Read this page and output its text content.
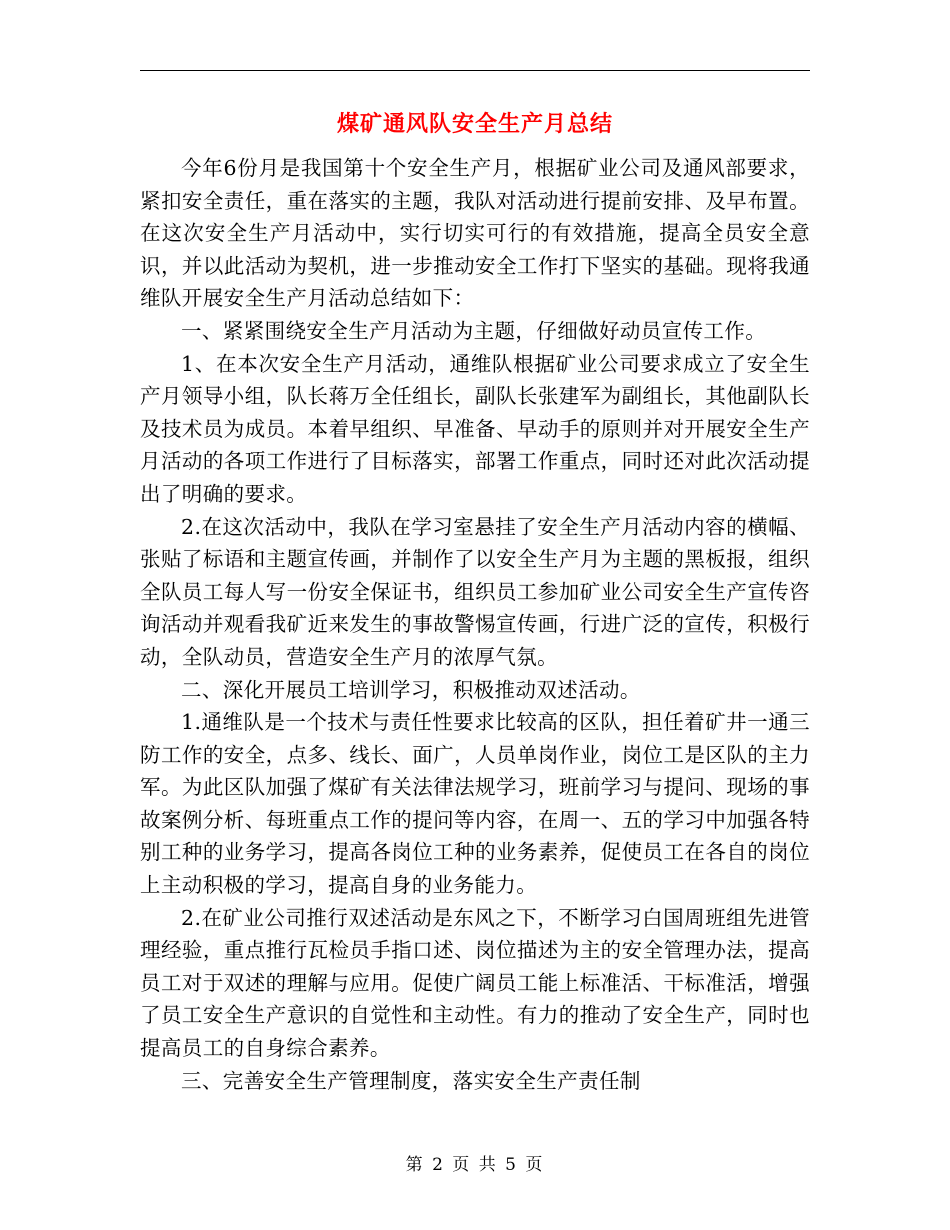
煤矿通风队安全生产月总结

今年6份月是我国第十个安全生产月，根据矿业公司及通风部要求，紧扣安全责任，重在落实的主题，我队对活动进行提前安排、及早布置。在这次安全生产月活动中，实行切实可行的有效措施，提高全员安全意识，并以此活动为契机，进一步推动安全工作打下坚实的基础。现将我通维队开展安全生产月活动总结如下：

一、紧紧围绕安全生产月活动为主题，仔细做好动员宣传工作。

1、在本次安全生产月活动，通维队根据矿业公司要求成立了安全生产月领导小组，队长蒋万全任组长，副队长张建军为副组长，其他副队长及技术员为成员。本着早组织、早准备、早动手的原则并对开展安全生产月活动的各项工作进行了目标落实，部署工作重点，同时还对此次活动提出了明确的要求。

2.在这次活动中，我队在学习室悬挂了安全生产月活动内容的横幅、张贴了标语和主题宣传画，并制作了以安全生产月为主题的黑板报，组织全队员工每人写一份安全保证书，组织员工参加矿业公司安全生产宣传咨询活动并观看我矿近来发生的事故警惕宣传画，行进广泛的宣传，积极行动，全队动员，营造安全生产月的浓厚气氛。

二、深化开展员工培训学习，积极推动双述活动。

1.通维队是一个技术与责任性要求比较高的区队，担任着矿井一通三防工作的安全，点多、线长、面广，人员单岗作业，岗位工是区队的主力军。为此区队加强了煤矿有关法律法规学习，班前学习与提问、现场的事故案例分析、每班重点工作的提问等内容，在周一、五的学习中加强各特别工种的业务学习，提高各岗位工种的业务素养，促使员工在各自的岗位上主动积极的学习，提高自身的业务能力。

2.在矿业公司推行双述活动是东风之下，不断学习白国周班组先进管理经验，重点推行瓦检员手指口述、岗位描述为主的安全管理办法，提高员工对于双述的理解与应用。促使广阔员工能上标准活、干标准活，增强了员工安全生产意识的自觉性和主动性。有力的推动了安全生产，同时也提高员工的自身综合素养。

三、完善安全生产管理制度，落实安全生产责任制

第 2 页 共 5 页
